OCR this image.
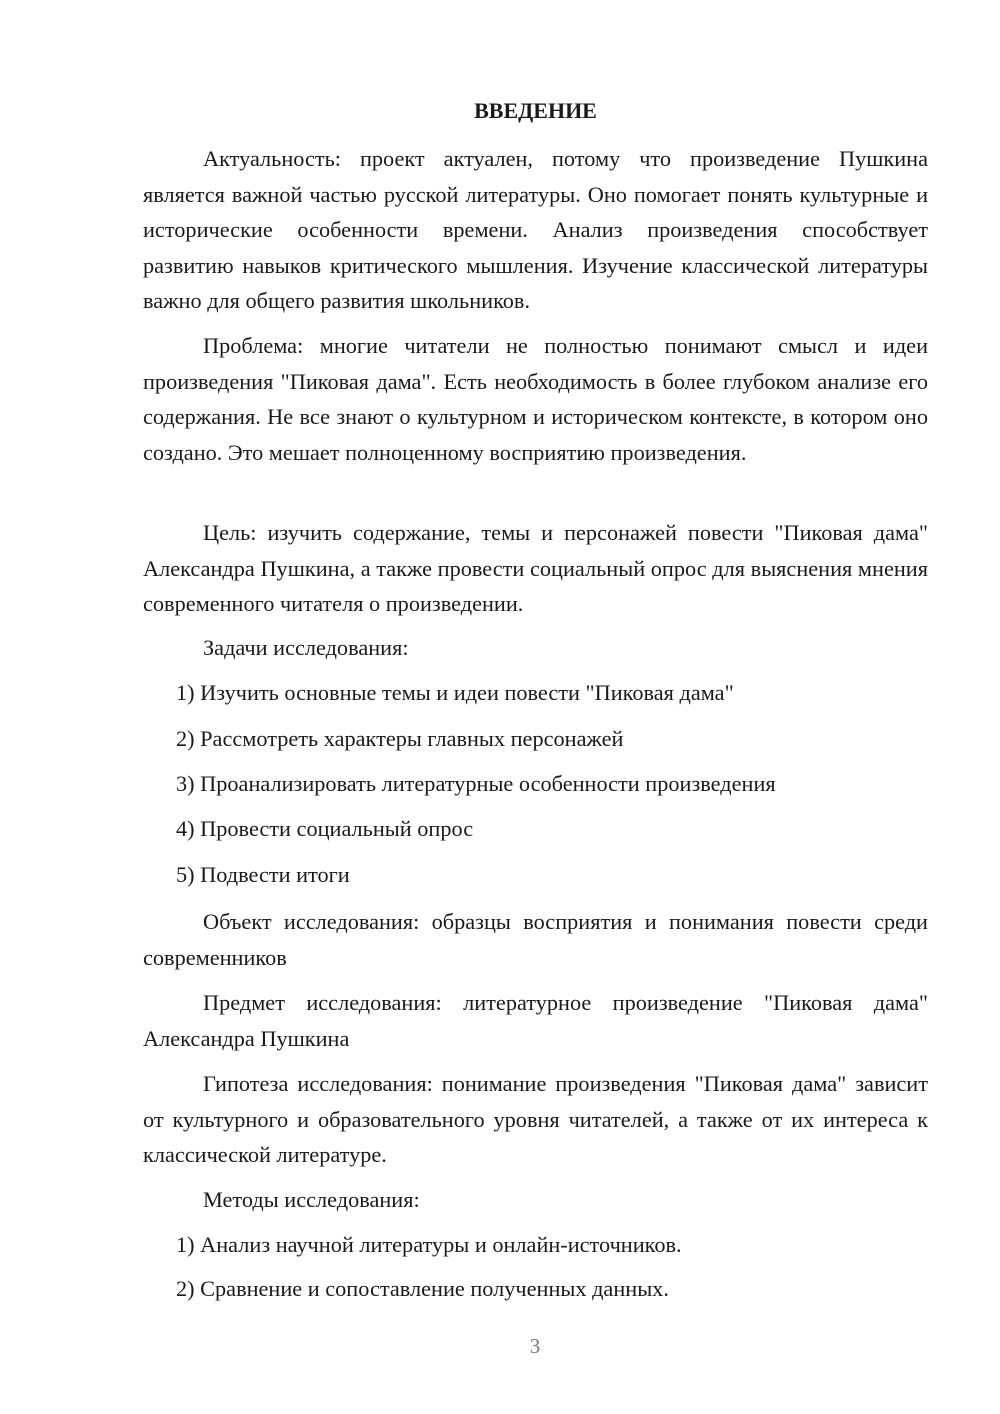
ВВЕДЕНИЕ

Актуальность: проект актуален, потому что произведение Пушкина является важной частью русской литературы. Оно помогает понять культурные и исторические особенности времени. Анализ произведения способствует развитию навыков критического мышления. Изучение классической литературы важно для общего развития школьников.

Проблема: многие читатели не полностью понимают смысл и идеи произведения "Пиковая дама". Есть необходимость в более глубоком анализе его содержания. Не все знают о культурном и историческом контексте, в котором оно создано. Это мешает полноценному восприятию произведения.

Цель: изучить содержание, темы и персонажей повести "Пиковая дама" Александра Пушкина, а также провести социальный опрос для выяснения мнения современного читателя о произведении.

Задачи исследования:

1) Изучить основные темы и идеи повести "Пиковая дама"
2) Рассмотреть характеры главных персонажей
3) Проанализировать литературные особенности произведения
4) Провести социальный опрос
5) Подвести итоги

Объект исследования: образцы восприятия и понимания повести среди современников

Предмет исследования: литературное произведение "Пиковая дама" Александра Пушкина

Гипотеза исследования: понимание произведения "Пиковая дама" зависит от культурного и образовательного уровня читателей, а также от их интереса к классической литературе.

Методы исследования:

1) Анализ научной литературы и онлайн-источников.
2) Сравнение и сопоставление полученных данных.
3
